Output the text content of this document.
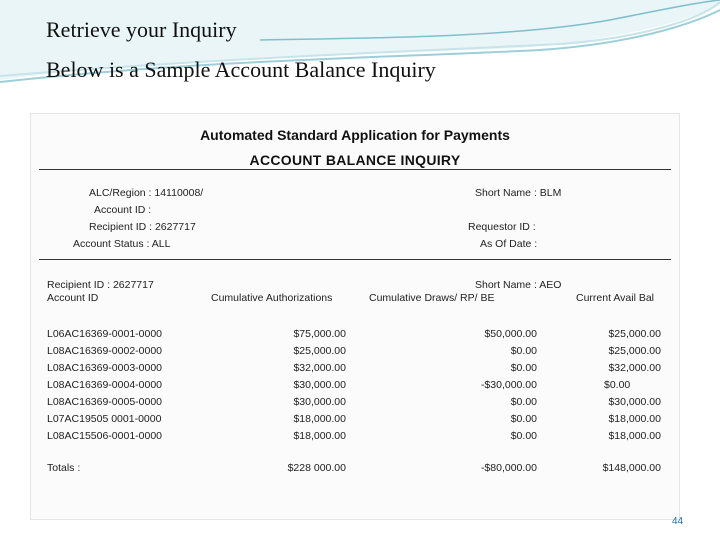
Retrieve your Inquiry
Below is a Sample Account Balance Inquiry
Automated Standard Application for Payments
ACCOUNT BALANCE INQUIRY
ALC/Region : 14110008/
Account ID :
Recipient ID : 2627717
Account Status : ALL
Short Name : BLM
Requestor ID :
As Of Date :
Recipient ID : 2627717	Short Name : AEO
Account ID	Cumulative Authorizations	Cumulative Draws/ RP/ BE	Current Avail Bal
L06AC16369-0001-0000	$75,000.00	$50,000.00	$25,000.00
L08AC16369-0002-0000	$25,000.00	$0.00	$25,000.00
L08AC16369-0003-0000	$32,000.00	$0.00	$32,000.00
L08AC16369-0004-0000	$30,000.00	-$30,000.00	$0.00
L08AC16369-0005-0000	$30,000.00	$0.00	$30,000.00
L07AC19505 0001-0000	$18,000.00	$0.00	$18,000.00
L08AC15506-0001-0000	$18,000.00	$0.00	$18,000.00
Totals :	$228 000.00	-$80,000.00	$148,000.00
44
